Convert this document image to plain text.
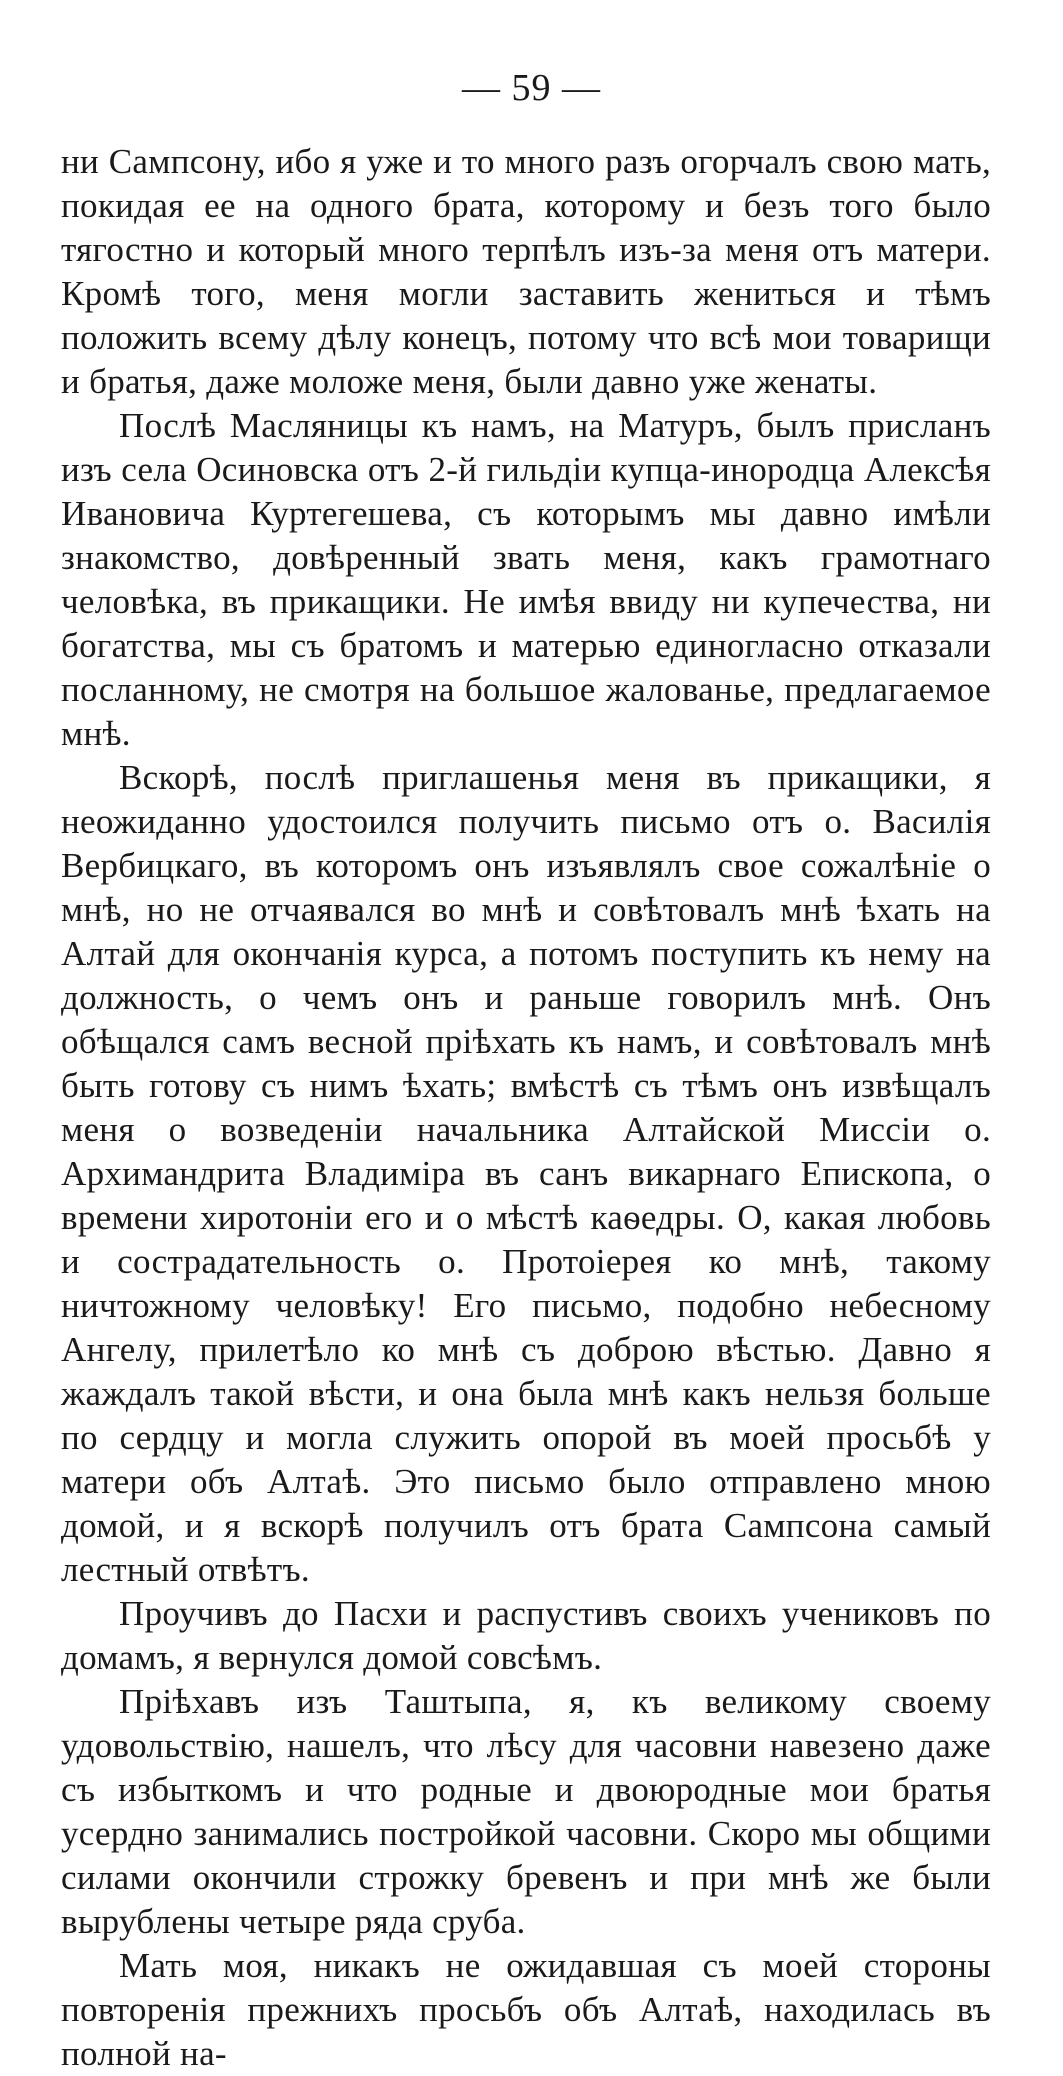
— 59 —

ни Сампсону, ибо я уже и то много разъ огорчалъ свою мать, покидая ее на одного брата, которому и безъ того было тягостно и который много терпѣлъ изъ-за меня отъ матери. Кромѣ того, меня могли заставить жениться и тѣмъ положить всему дѣлу конецъ, потому что всѣ мои товарищи и братья, даже моложе меня, были давно уже женаты.

Послѣ Масляницы къ намъ, на Матуръ, былъ присланъ изъ села Осиновска отъ 2-й гильдіи купца-инородца Алексѣя Ивановича Куртегешева, съ которымъ мы давно имѣли знакомство, довѣренный звать меня, какъ грамотнаго человѣка, въ прикащики. Не имѣя ввиду ни купечества, ни богатства, мы съ братомъ и матерью единогласно отказали посланному, не смотря на большое жалованье, предлагаемое мнѣ.

Вскорѣ, послѣ приглашенья меня въ прикащики, я неожиданно удостоился получить письмо отъ о. Василія Вербицкаго, въ которомъ онъ изъявлялъ свое сожалѣніе о мнѣ, но не отчаявался во мнѣ и совѣтовалъ мнѣ ѣхать на Алтай для окончанія курса, а потомъ поступить къ нему на должность, о чемъ онъ и раньше говорилъ мнѣ. Онъ обѣщался самъ весной пріѣхать къ намъ, и совѣтовалъ мнѣ быть готову съ нимъ ѣхать; вмѣстѣ съ тѣмъ онъ извѣщалъ меня о возведеніи начальника Алтайской Миссіи о. Архимандрита Владиміра въ санъ викарнаго Епископа, о времени хиротоніи его и о мѣстѣ каѳедры. О, какая любовь и сострадательность о. Протоіерея ко мнѣ, такому ничтожному человѣку! Его письмо, подобно небесному Ангелу, прилетѣло ко мнѣ съ доброю вѣстью. Давно я жаждалъ такой вѣсти, и она была мнѣ какъ нельзя больше по сердцу и могла служить опорой въ моей просьбѣ у матери объ Алтаѣ. Это письмо было отправлено мною домой, и я вскорѣ получилъ отъ брата Сампсона самый лестный отвѣтъ.

Проучивъ до Пасхи и распустивъ своихъ учениковъ по домамъ, я вернулся домой совсѣмъ.

Пріѣхавъ изъ Таштыпа, я, къ великому своему удовольствію, нашелъ, что лѣсу для часовни навезено даже съ избыткомъ и что родные и двоюродные мои братья усердно занимались постройкой часовни. Скоро мы общими силами окончили строжку бревенъ и при мнѣ же были вырублены четыре ряда сруба.

Мать моя, никакъ не ожидавшая съ моей стороны повторенія прежнихъ просьбъ объ Алтаѣ, находилась въ полной на-
